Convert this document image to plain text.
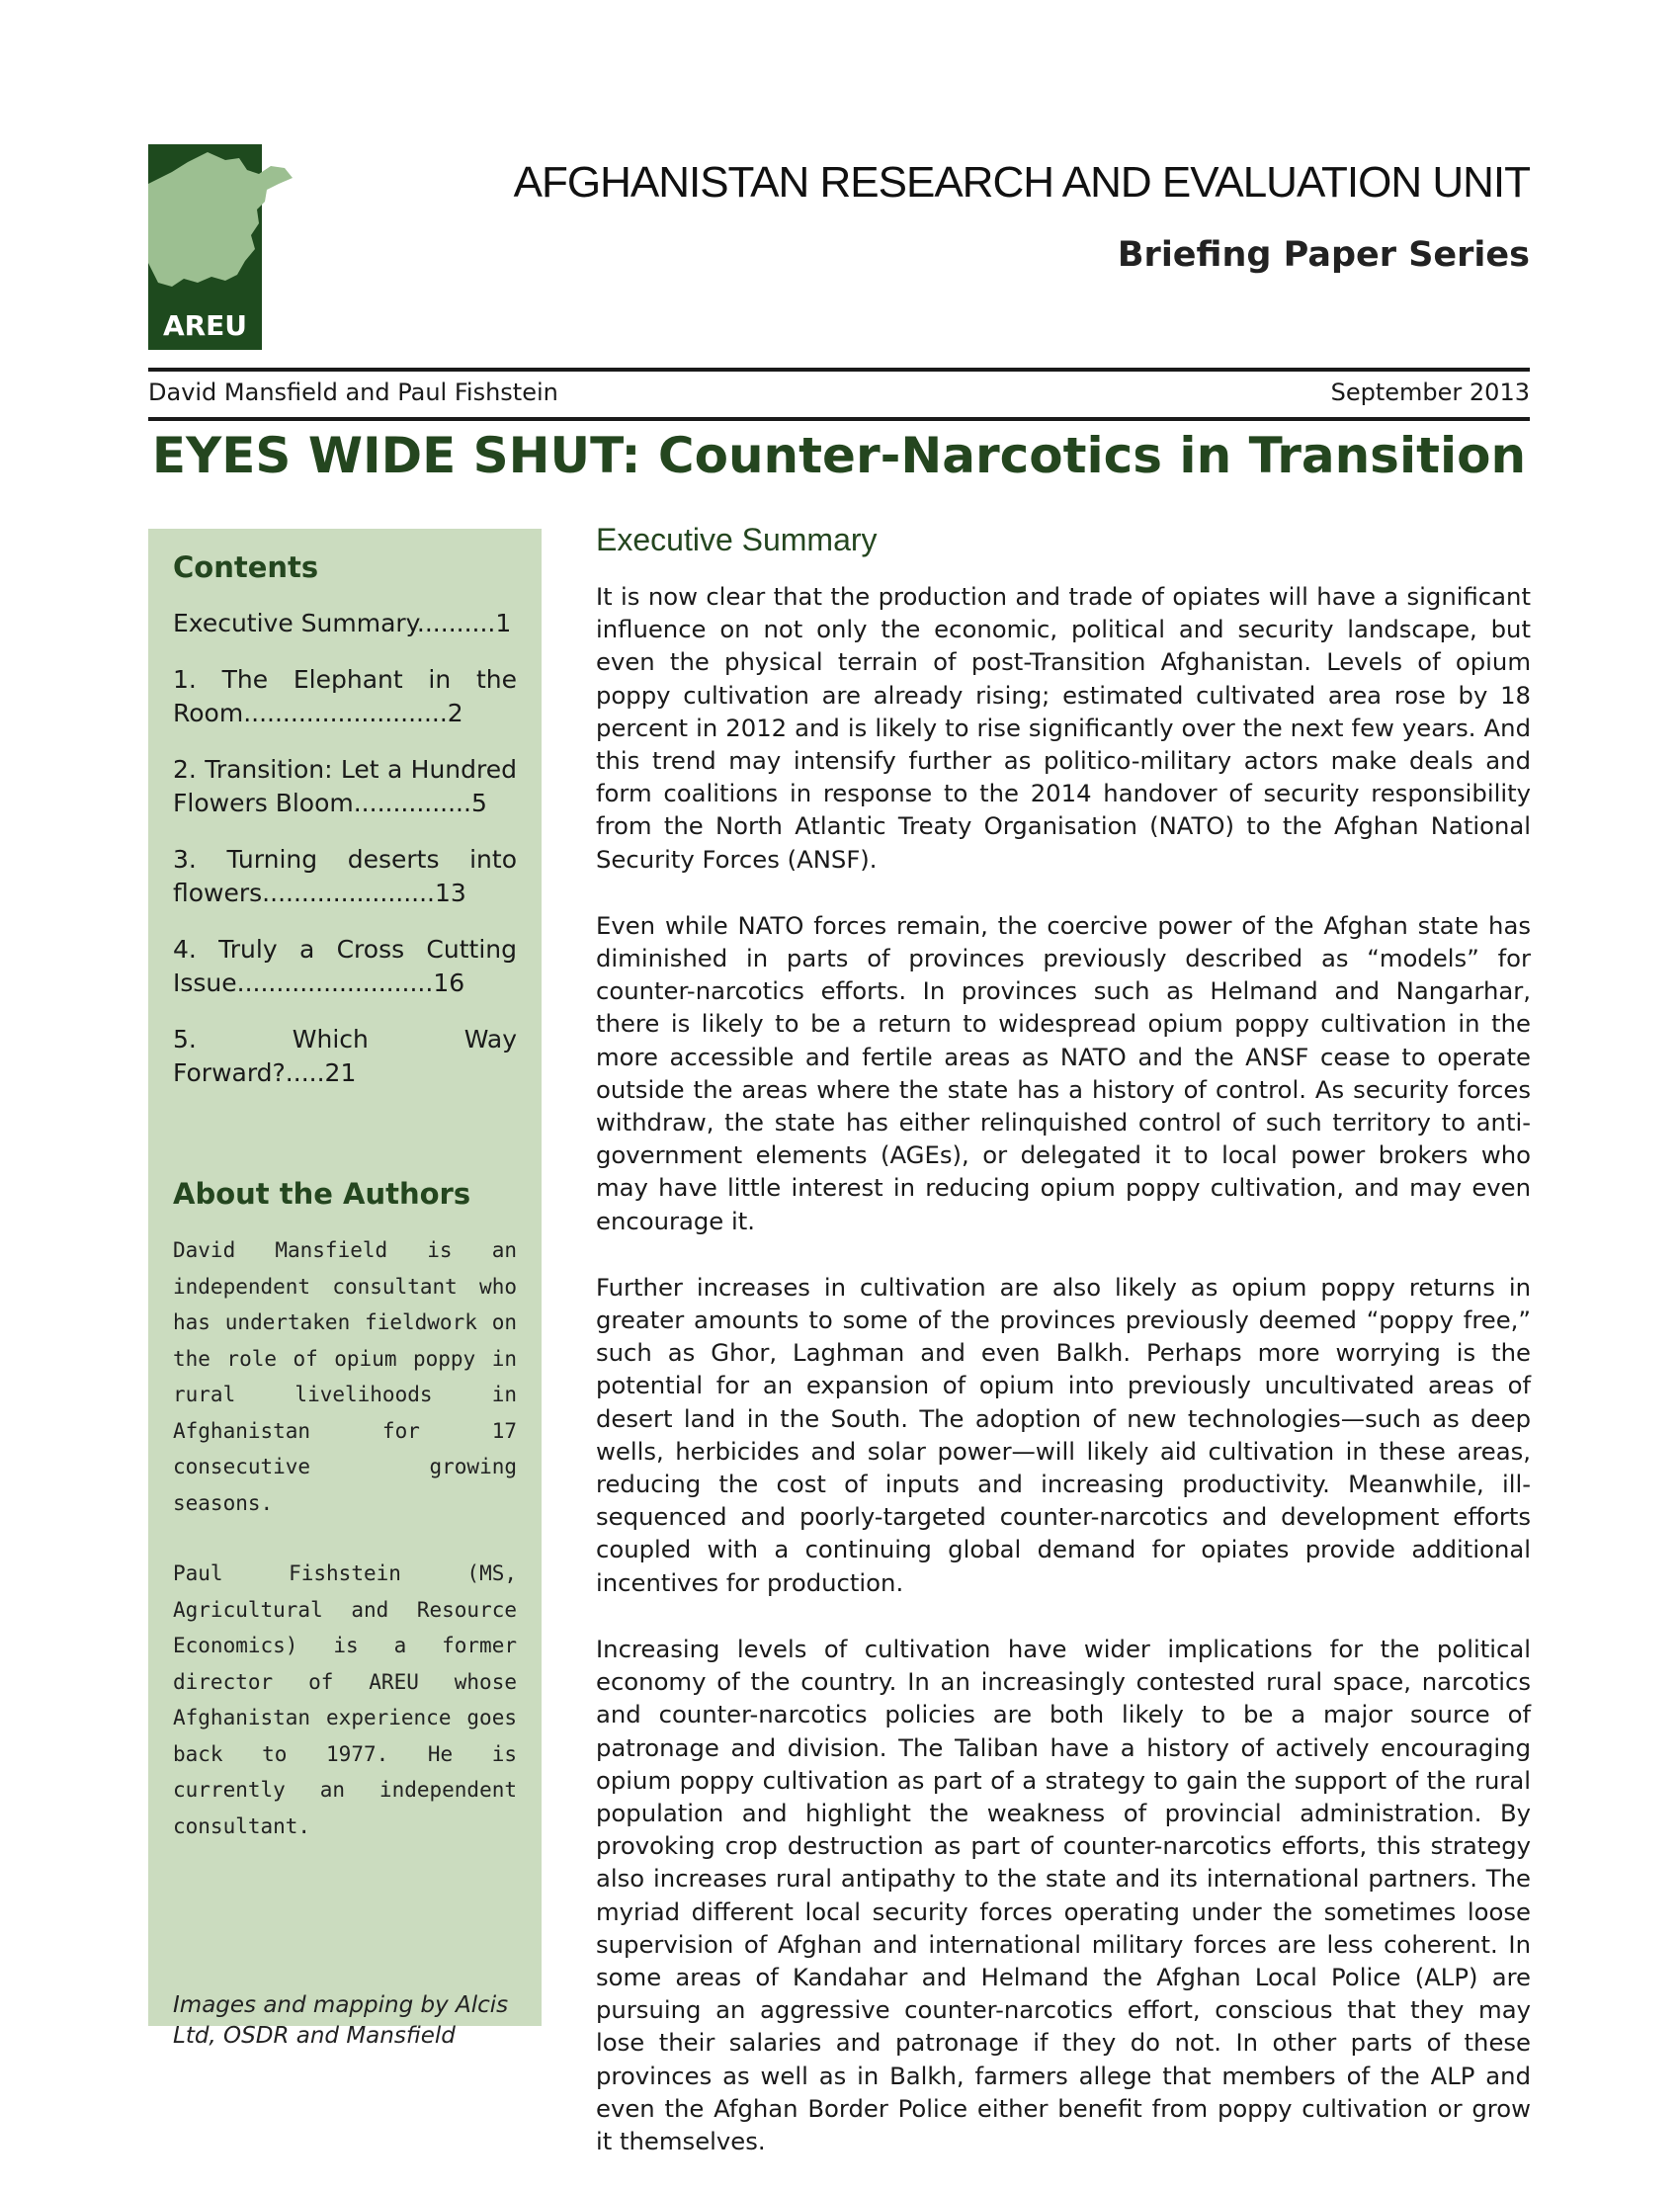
AREU
AFGHANISTAN RESEARCH AND EVALUATION UNIT
Briefing Paper Series
David Mansfield and Paul Fishstein	September 2013
EYES WIDE SHUT: Counter-Narcotics in Transition
Contents

Executive Summary..........1

1. The Elephant in the Room..........................2

2. Transition: Let a Hundred Flowers Bloom...............5

3. Turning deserts into flowers......................13

4. Truly a Cross Cutting Issue.........................16

5. Which Way Forward?.....21

About the Authors

David Mansfield is an independent consultant who has undertaken fieldwork on the role of opium poppy in rural livelihoods in Afghanistan for 17 consecutive growing seasons.

Paul Fishstein (MS, Agricultural and Resource Economics) is a former director of AREU whose Afghanistan experience goes back to 1977. He is currently an independent consultant.

Images and mapping by Alcis

Ltd, OSDR and Mansfield

Executive Summary

It is now clear that the production and trade of opiates will have a significant influence on not only the economic, political and security landscape, but even the physical terrain of post-Transition Afghanistan. Levels of opium poppy cultivation are already rising; estimated cultivated area rose by 18 percent in 2012 and is likely to rise significantly over the next few years. And this trend may intensify further as politico-military actors make deals and form coalitions in response to the 2014 handover of security responsibility from the North Atlantic Treaty Organisation (NATO) to the Afghan National Security Forces (ANSF).

Even while NATO forces remain, the coercive power of the Afghan state has diminished in parts of provinces previously described as “models” for counter-narcotics efforts. In provinces such as Helmand and Nangarhar, there is likely to be a return to widespread opium poppy cultivation in the more accessible and fertile areas as NATO and the ANSF cease to operate outside the areas where the state has a history of control. As security forces withdraw, the state has either relinquished control of such territory to anti-government elements (AGEs), or delegated it to local power brokers who may have little interest in reducing opium poppy cultivation, and may even encourage it.

Further increases in cultivation are also likely as opium poppy returns in greater amounts to some of the provinces previously deemed “poppy free,” such as Ghor, Laghman and even Balkh. Perhaps more worrying is the potential for an expansion of opium into previously uncultivated areas of desert land in the South. The adoption of new technologies—such as deep wells, herbicides and solar power—will likely aid cultivation in these areas, reducing the cost of inputs and increasing productivity. Meanwhile, ill-sequenced and poorly-targeted counter-narcotics and development efforts coupled with a continuing global demand for opiates provide additional incentives for production.

Increasing levels of cultivation have wider implications for the political economy of the country. In an increasingly contested rural space, narcotics and counter-narcotics policies are both likely to be a major source of patronage and division. The Taliban have a history of actively encouraging opium poppy cultivation as part of a strategy to gain the support of the rural population and highlight the weakness of provincial administration. By provoking crop destruction as part of counter-narcotics efforts, this strategy also increases rural antipathy to the state and its international partners. The myriad different local security forces operating under the sometimes loose supervision of Afghan and international military forces are less coherent. In some areas of Kandahar and Helmand the Afghan Local Police (ALP) are pursuing an aggressive counter-narcotics effort, conscious that they may lose their salaries and patronage if they do not. In other parts of these provinces as well as in Balkh, farmers allege that members of the ALP and even the Afghan Border Police either benefit from poppy cultivation or grow it themselves.
